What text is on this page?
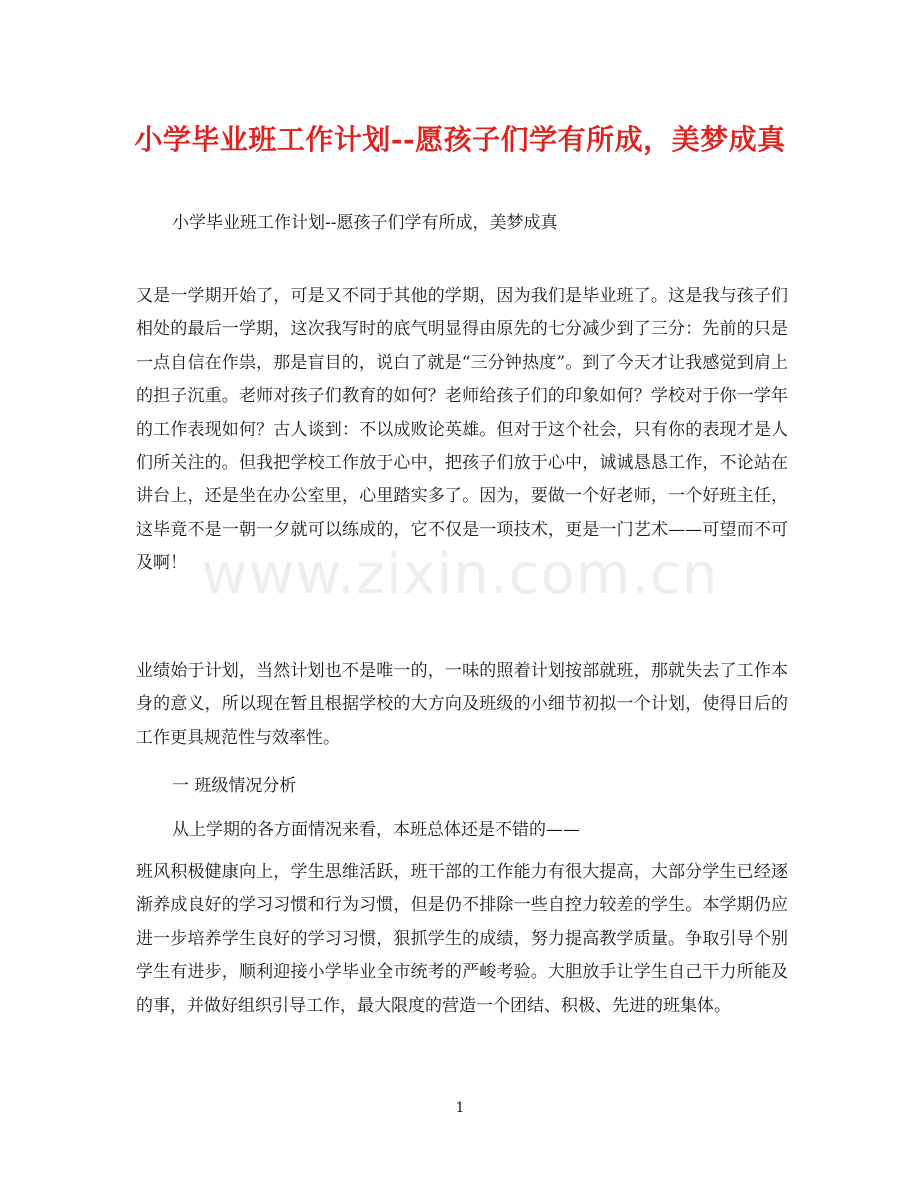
小学毕业班工作计划--愿孩子们学有所成，美梦成真
小学毕业班工作计划--愿孩子们学有所成，美梦成真
又是一学期开始了，可是又不同于其他的学期，因为我们是毕业班了。这是我与孩子们相处的最后一学期，这次我写时的底气明显得由原先的七分减少到了三分：先前的只是一点自信在作祟，那是盲目的，说白了就是“三分钟热度”。到了今天才让我感觉到肩上的担子沉重。老师对孩子们教育的如何？老师给孩子们的印象如何？学校对于你一学年的工作表现如何？古人谈到：不以成败论英雄。但对于这个社会，只有你的表现才是人们所关注的。但我把学校工作放于心中，把孩子们放于心中，诚诚恳恳工作，不论站在讲台上，还是坐在办公室里，心里踏实多了。因为，要做一个好老师，一个好班主任，这毕竟不是一朝一夕就可以练成的，它不仅是一项技术，更是一门艺术——可望而不可及啊！
业绩始于计划，当然计划也不是唯一的，一味的照着计划按部就班，那就失去了工作本身的意义，所以现在暂且根据学校的大方向及班级的小细节初拟一个计划，使得日后的工作更具规范性与效率性。
一 班级情况分析
从上学期的各方面情况来看，本班总体还是不错的——
班风积极健康向上，学生思维活跃，班干部的工作能力有很大提高，大部分学生已经逐渐养成良好的学习习惯和行为习惯，但是仍不排除一些自控力较差的学生。本学期仍应进一步培养学生良好的学习习惯，狠抓学生的成绩，努力提高教学质量。争取引导个别学生有进步，顺利迎接小学毕业全市统考的严峻考验。大胆放手让学生自己干力所能及的事，并做好组织引导工作，最大限度的营造一个团结、积极、先进的班集体。
www.zixin.com.cn
1
